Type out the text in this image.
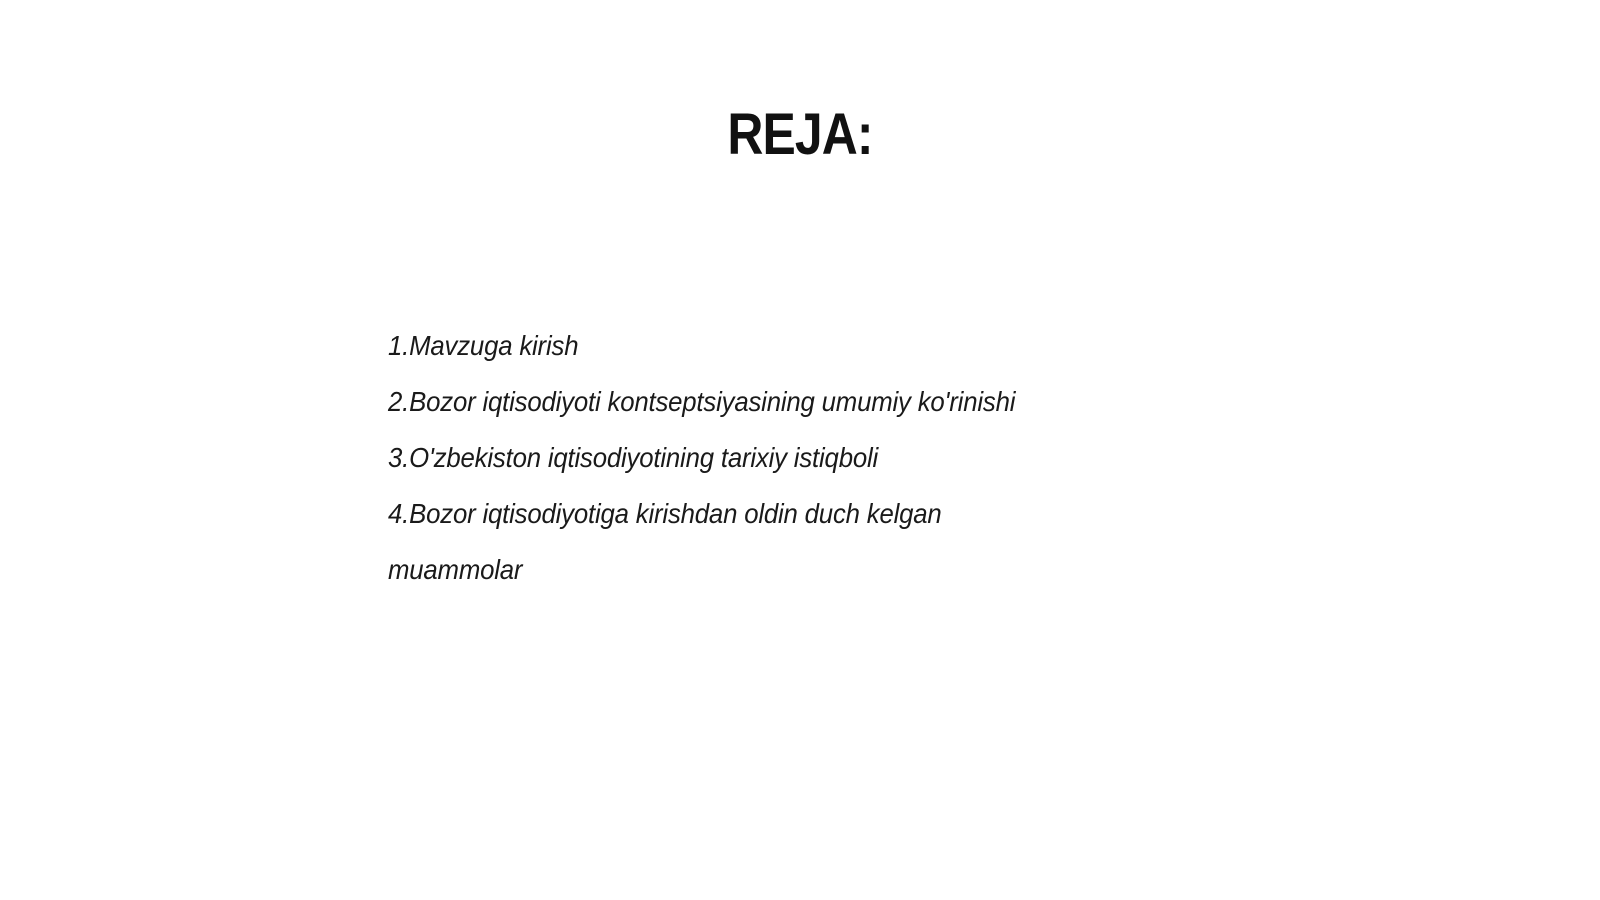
REJA:
1.Mavzuga kirish
2.Bozor iqtisodiyoti kontseptsiyasining umumiy ko'rinishi
3.O'zbekiston iqtisodiyotining tarixiy istiqboli
4.Bozor iqtisodiyotiga kirishdan oldin duch kelgan muammolar
